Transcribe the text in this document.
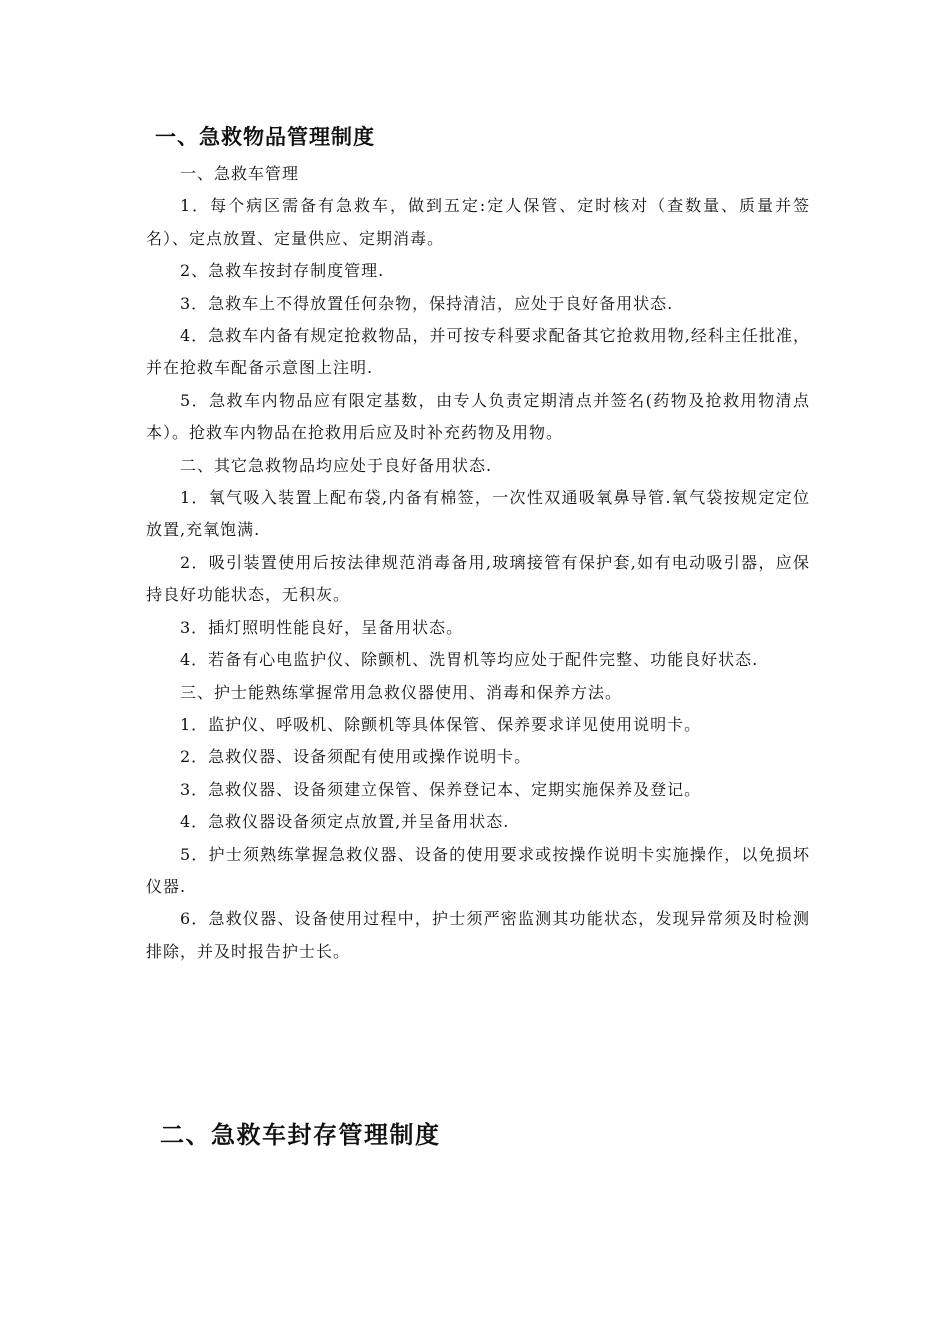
一、急救物品管理制度

一、急救车管理

1．每个病区需备有急救车，做到五定:定人保管、定时核对（查数量、质量并签名）、定点放置、定量供应、定期消毒。

2、急救车按封存制度管理.

3．急救车上不得放置任何杂物，保持清洁，应处于良好备用状态.

4．急救车内备有规定抢救物品，并可按专科要求配备其它抢救用物,经科主任批准，并在抢救车配备示意图上注明.

5．急救车内物品应有限定基数，由专人负责定期清点并签名(药物及抢救用物清点本）。抢救车内物品在抢救用后应及时补充药物及用物。

二、其它急救物品均应处于良好备用状态.

1．氧气吸入装置上配布袋,内备有棉签，一次性双通吸氧鼻导管.氧气袋按规定定位放置,充氧饱满.

2．吸引装置使用后按法律规范消毒备用,玻璃接管有保护套,如有电动吸引器，应保持良好功能状态，无积灰。

3．插灯照明性能良好，呈备用状态。

4．若备有心电监护仪、除颤机、洗胃机等均应处于配件完整、功能良好状态.

三、护士能熟练掌握常用急救仪器使用、消毒和保养方法。

1．监护仪、呼吸机、除颤机等具体保管、保养要求详见使用说明卡。

2．急救仪器、设备须配有使用或操作说明卡。

3．急救仪器、设备须建立保管、保养登记本、定期实施保养及登记。

4．急救仪器设备须定点放置,并呈备用状态.

5．护士须熟练掌握急救仪器、设备的使用要求或按操作说明卡实施操作，以免损坏仪器.

6．急救仪器、设备使用过程中，护士须严密监测其功能状态，发现异常须及时检测排除，并及时报告护士长。

二、急救车封存管理制度
